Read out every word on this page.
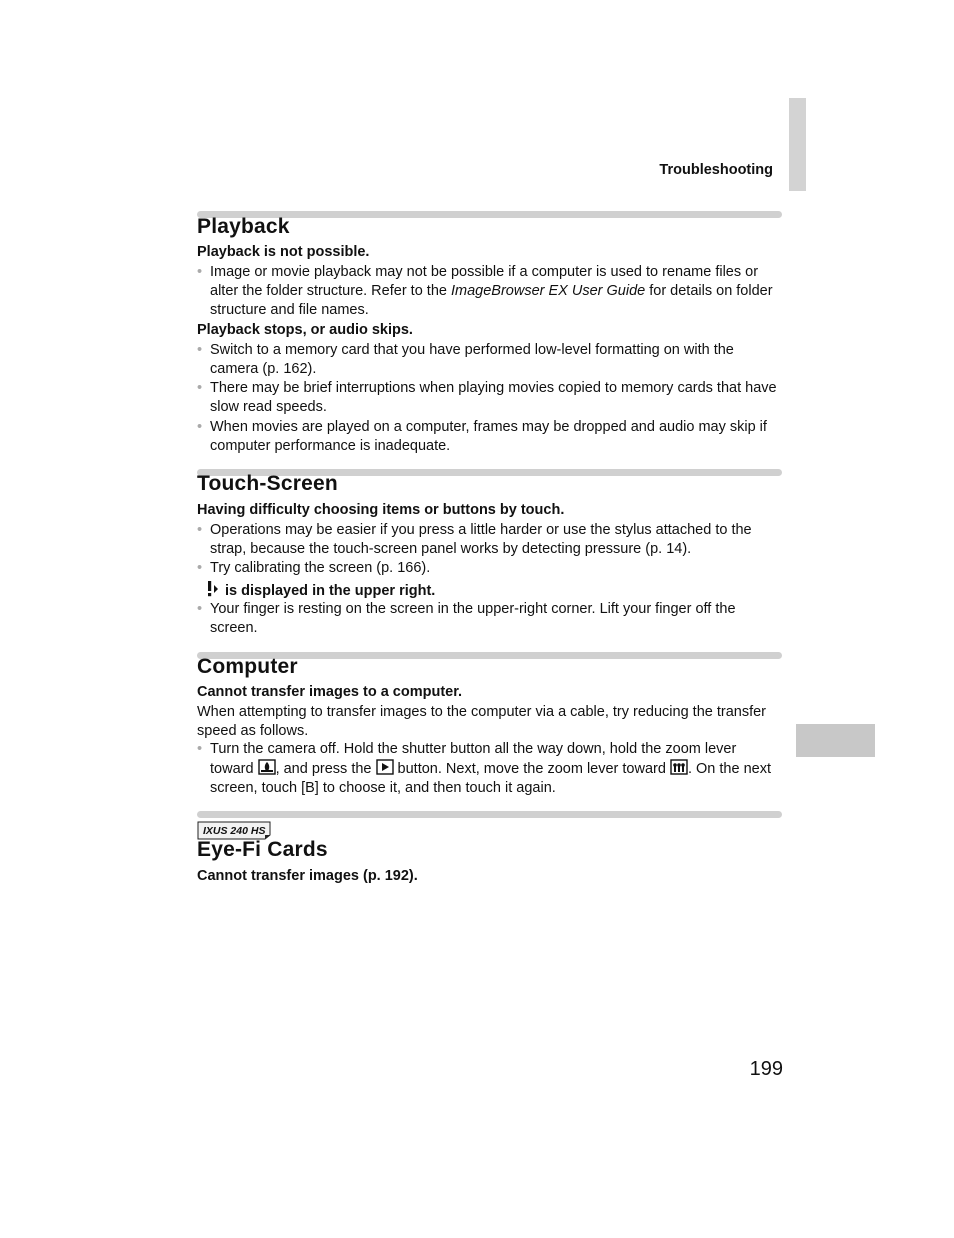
Troubleshooting
Playback
Playback is not possible.
• Image or movie playback may not be possible if a computer is used to rename files or alter the folder structure. Refer to the ImageBrowser EX User Guide for details on folder structure and file names.
Playback stops, or audio skips.
• Switch to a memory card that you have performed low-level formatting on with the camera (p. 162).
• There may be brief interruptions when playing movies copied to memory cards that have slow read speeds.
• When movies are played on a computer, frames may be dropped and audio may skip if computer performance is inadequate.
Touch-Screen
Having difficulty choosing items or buttons by touch.
• Operations may be easier if you press a little harder or use the stylus attached to the strap, because the touch-screen panel works by detecting pressure (p. 14).
• Try calibrating the screen (p. 166).
is displayed in the upper right.
• Your finger is resting on the screen in the upper-right corner. Lift your finger off the screen.
Computer
Cannot transfer images to a computer.
When attempting to transfer images to the computer via a cable, try reducing the transfer speed as follows.
• Turn the camera off. Hold the shutter button all the way down, hold the zoom lever toward , and press the  button. Next, move the zoom lever toward . On the next screen, touch [B] to choose it, and then touch it again.
IXUS 240 HS
Eye-Fi Cards
Cannot transfer images (p. 192).
199
